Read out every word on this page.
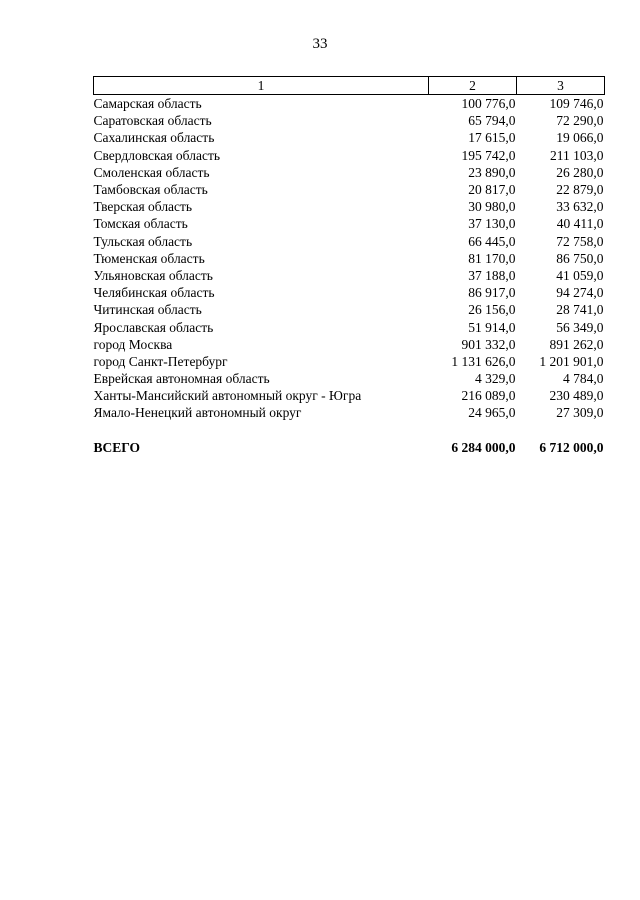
33
1	2	3
Самарская область	100 776,0	109 746,0
Саратовская область	65 794,0	72 290,0
Сахалинская область	17 615,0	19 066,0
Свердловская область	195 742,0	211 103,0
Смоленская область	23 890,0	26 280,0
Тамбовская область	20 817,0	22 879,0
Тверская область	30 980,0	33 632,0
Томская область	37 130,0	40 411,0
Тульская область	66 445,0	72 758,0
Тюменская область	81 170,0	86 750,0
Ульяновская область	37 188,0	41 059,0
Челябинская область	86 917,0	94 274,0
Читинская область	26 156,0	28 741,0
Ярославская область	51 914,0	56 349,0
город Москва	901 332,0	891 262,0
город Санкт-Петербург	1 131 626,0	1 201 901,0
Еврейская автономная область	4 329,0	4 784,0
Ханты-Мансийский автономный округ - Югра	216 089,0	230 489,0
Ямало-Ненецкий автономный округ	24 965,0	27 309,0

ВСЕГО	6 284 000,0	6 712 000,0
